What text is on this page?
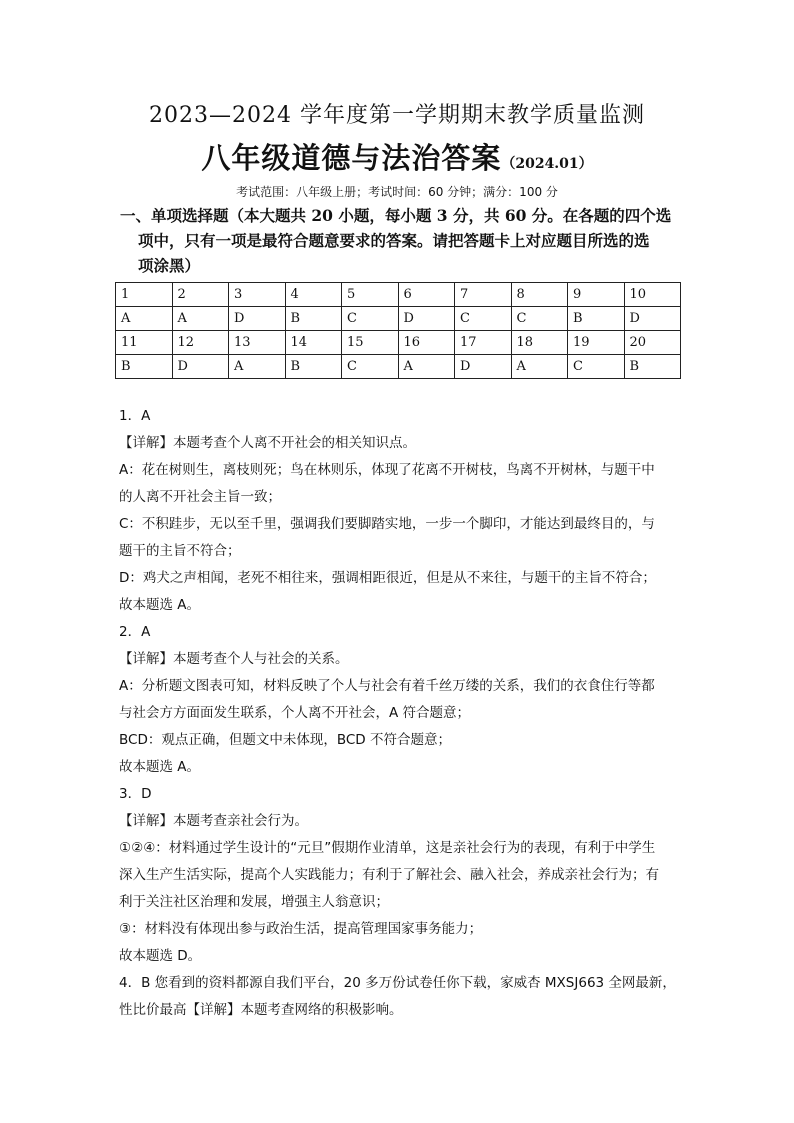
2023—2024 学年度第一学期期末教学质量监测
八年级道德与法治答案（2024.01）
考试范围：八年级上册；考试时间：60 分钟；满分：100 分
一、单项选择题（本大题共 20 小题，每小题 3 分，共 60 分。在各题的四个选
项中，只有一项是最符合题意要求的答案。请把答题卡上对应题目所选的选
项涂黑）
1	2	3	4	5	6	7	8	9	10
A	A	D	B	C	D	C	C	B	D
11	12	13	14	15	16	17	18	19	20
B	D	A	B	C	A	D	A	C	B

1．A

【详解】本题考查个人离不开社会的相关知识点。

A：花在树则生，离枝则死；鸟在林则乐，体现了花离不开树枝，鸟离不开树林，与题干中

的人离不开社会主旨一致；

C：不积跬步，无以至千里，强调我们要脚踏实地，一步一个脚印，才能达到最终目的，与

题干的主旨不符合；

D：鸡犬之声相闻，老死不相往来，强调相距很近，但是从不来往，与题干的主旨不符合；

故本题选 A。

2．A

【详解】本题考查个人与社会的关系。

A：分析题文图表可知，材料反映了个人与社会有着千丝万缕的关系，我们的衣食住行等都

与社会方方面面发生联系，个人离不开社会，A 符合题意；

BCD：观点正确，但题文中未体现，BCD 不符合题意；

故本题选 A。

3．D

【详解】本题考查亲社会行为。

①②④：材料通过学生设计的“元旦”假期作业清单，这是亲社会行为的表现，有利于中学生

深入生产生活实际，提高个人实践能力；有利于了解社会、融入社会，养成亲社会行为；有

利于关注社区治理和发展，增强主人翁意识；

③：材料没有体现出参与政治生活，提高管理国家事务能力；

故本题选 D。

4．B 您看到的资料都源自我们平台，20 多万份试卷任你下载，家威杏 MXSJ663 全网最新，

性比价最高【详解】本题考查网络的积极影响。
